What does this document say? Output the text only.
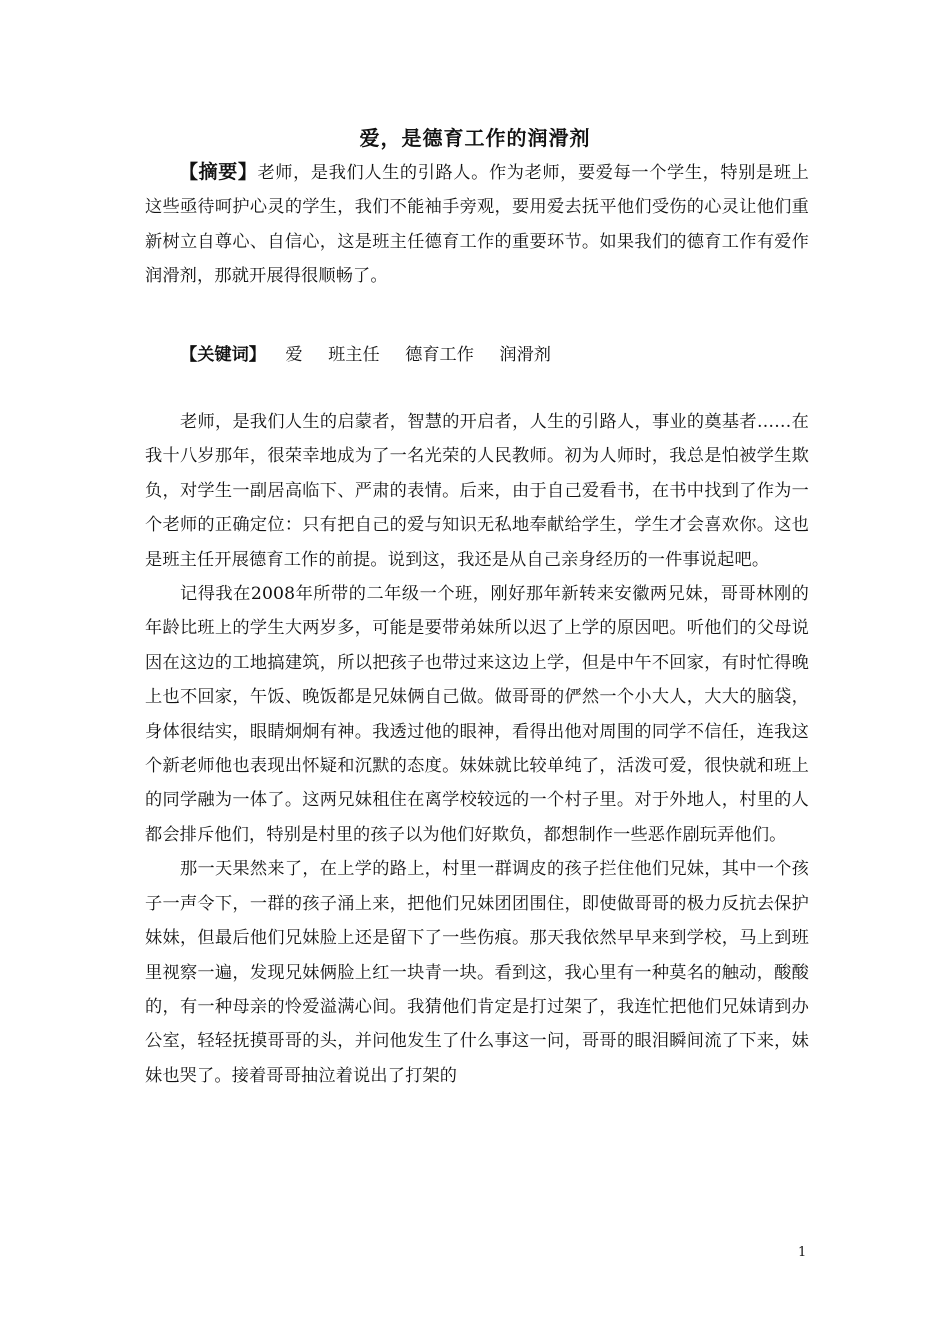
爱，是德育工作的润滑剂
【摘要】老师，是我们人生的引路人。作为老师，要爱每一个学生，特别是班上这些亟待呵护心灵的学生，我们不能袖手旁观，要用爱去抚平他们受伤的心灵让他们重新树立自尊心、自信心，这是班主任德育工作的重要环节。如果我们的德育工作有爱作润滑剂，那就开展得很顺畅了。
【关键词】 爱 班主任 德育工作 润滑剂

老师，是我们人生的启蒙者，智慧的开启者，人生的引路人，事业的奠基者……在我十八岁那年，很荣幸地成为了一名光荣的人民教师。初为人师时，我总是怕被学生欺负，对学生一副居高临下、严肃的表情。后来，由于自己爱看书，在书中找到了作为一个老师的正确定位：只有把自己的爱与知识无私地奉献给学生，学生才会喜欢你。这也是班主任开展德育工作的前提。说到这，我还是从自己亲身经历的一件事说起吧。

记得我在2008年所带的二年级一个班，刚好那年新转来安徽两兄妹，哥哥林刚的年龄比班上的学生大两岁多，可能是要带弟妹所以迟了上学的原因吧。听他们的父母说因在这边的工地搞建筑，所以把孩子也带过来这边上学，但是中午不回家，有时忙得晚上也不回家，午饭、晚饭都是兄妹俩自己做。做哥哥的俨然一个小大人，大大的脑袋，身体很结实，眼睛炯炯有神。我透过他的眼神，看得出他对周围的同学不信任，连我这个新老师他也表现出怀疑和沉默的态度。妹妹就比较单纯了，活泼可爱，很快就和班上的同学融为一体了。这两兄妹租住在离学校较远的一个村子里。对于外地人，村里的人都会排斥他们，特别是村里的孩子以为他们好欺负，都想制作一些恶作剧玩弄他们。

那一天果然来了，在上学的路上，村里一群调皮的孩子拦住他们兄妹，其中一个孩子一声令下，一群的孩子涌上来，把他们兄妹团团围住，即使做哥哥的极力反抗去保护妹妹，但最后他们兄妹脸上还是留下了一些伤痕。那天我依然早早来到学校，马上到班里视察一遍，发现兄妹俩脸上红一块青一块。看到这，我心里有一种莫名的触动，酸酸的，有一种母亲的怜爱溢满心间。我猜他们肯定是打过架了，我连忙把他们兄妹请到办公室，轻轻抚摸哥哥的头，并问他发生了什么事这一问，哥哥的眼泪瞬间流了下来，妹妹也哭了。接着哥哥抽泣着说出了打架的

1
